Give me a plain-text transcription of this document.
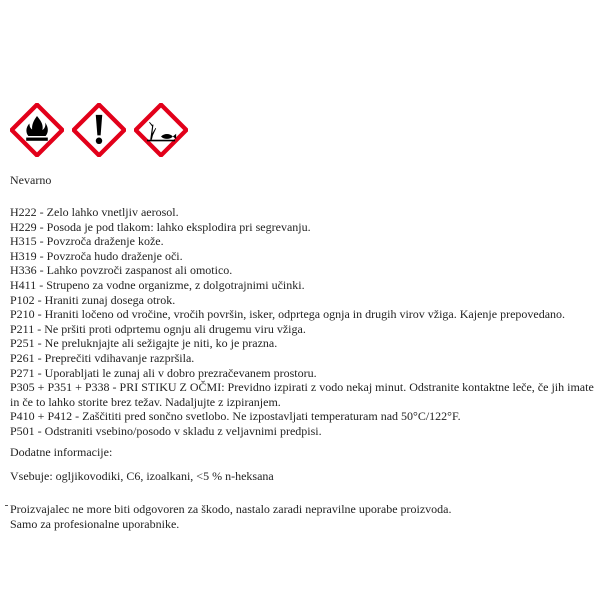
Nevarno
H222 - Zelo lahko vnetljiv aerosol.
H229 - Posoda je pod tlakom: lahko eksplodira pri segrevanju.
H315 - Povzroča draženje kože.
H319 - Povzroča hudo draženje oči.
H336 - Lahko povzroči zaspanost ali omotico.
H411 - Strupeno za vodne organizme, z dolgotrajnimi učinki.
P102 - Hraniti zunaj dosega otrok.
P210 - Hraniti ločeno od vročine, vročih površin, isker, odprtega ognja in drugih virov vžiga. Kajenje prepovedano.
P211 - Ne pršiti proti odprtemu ognju ali drugemu viru vžiga.
P251 - Ne preluknjajte ali sežigajte je niti, ko je prazna.
P261 - Preprečiti vdihavanje razpršila.
P271 - Uporabljati le zunaj ali v dobro prezračevanem prostoru.
P305 + P351 + P338 - PRI STIKU Z OČMI: Previdno izpirati z vodo nekaj minut. Odstranite kontaktne leče, če jih imate in če to lahko storite brez težav. Nadaljujte z izpiranjem.
P410 + P412 - Zaščititi pred sončno svetlobo. Ne izpostavljati temperaturam nad 50°C/122°F.
P501 - Odstraniti vsebino/posodo v skladu z veljavnimi predpisi.
Dodatne informacije:
Vsebuje: ogljikovodiki, C6, izoalkani, <5 % n-heksana
Proizvajalec ne more biti odgovoren za škodo, nastalo zaradi nepravilne uporabe proizvoda.
Samo za profesionalne uporabnike.
